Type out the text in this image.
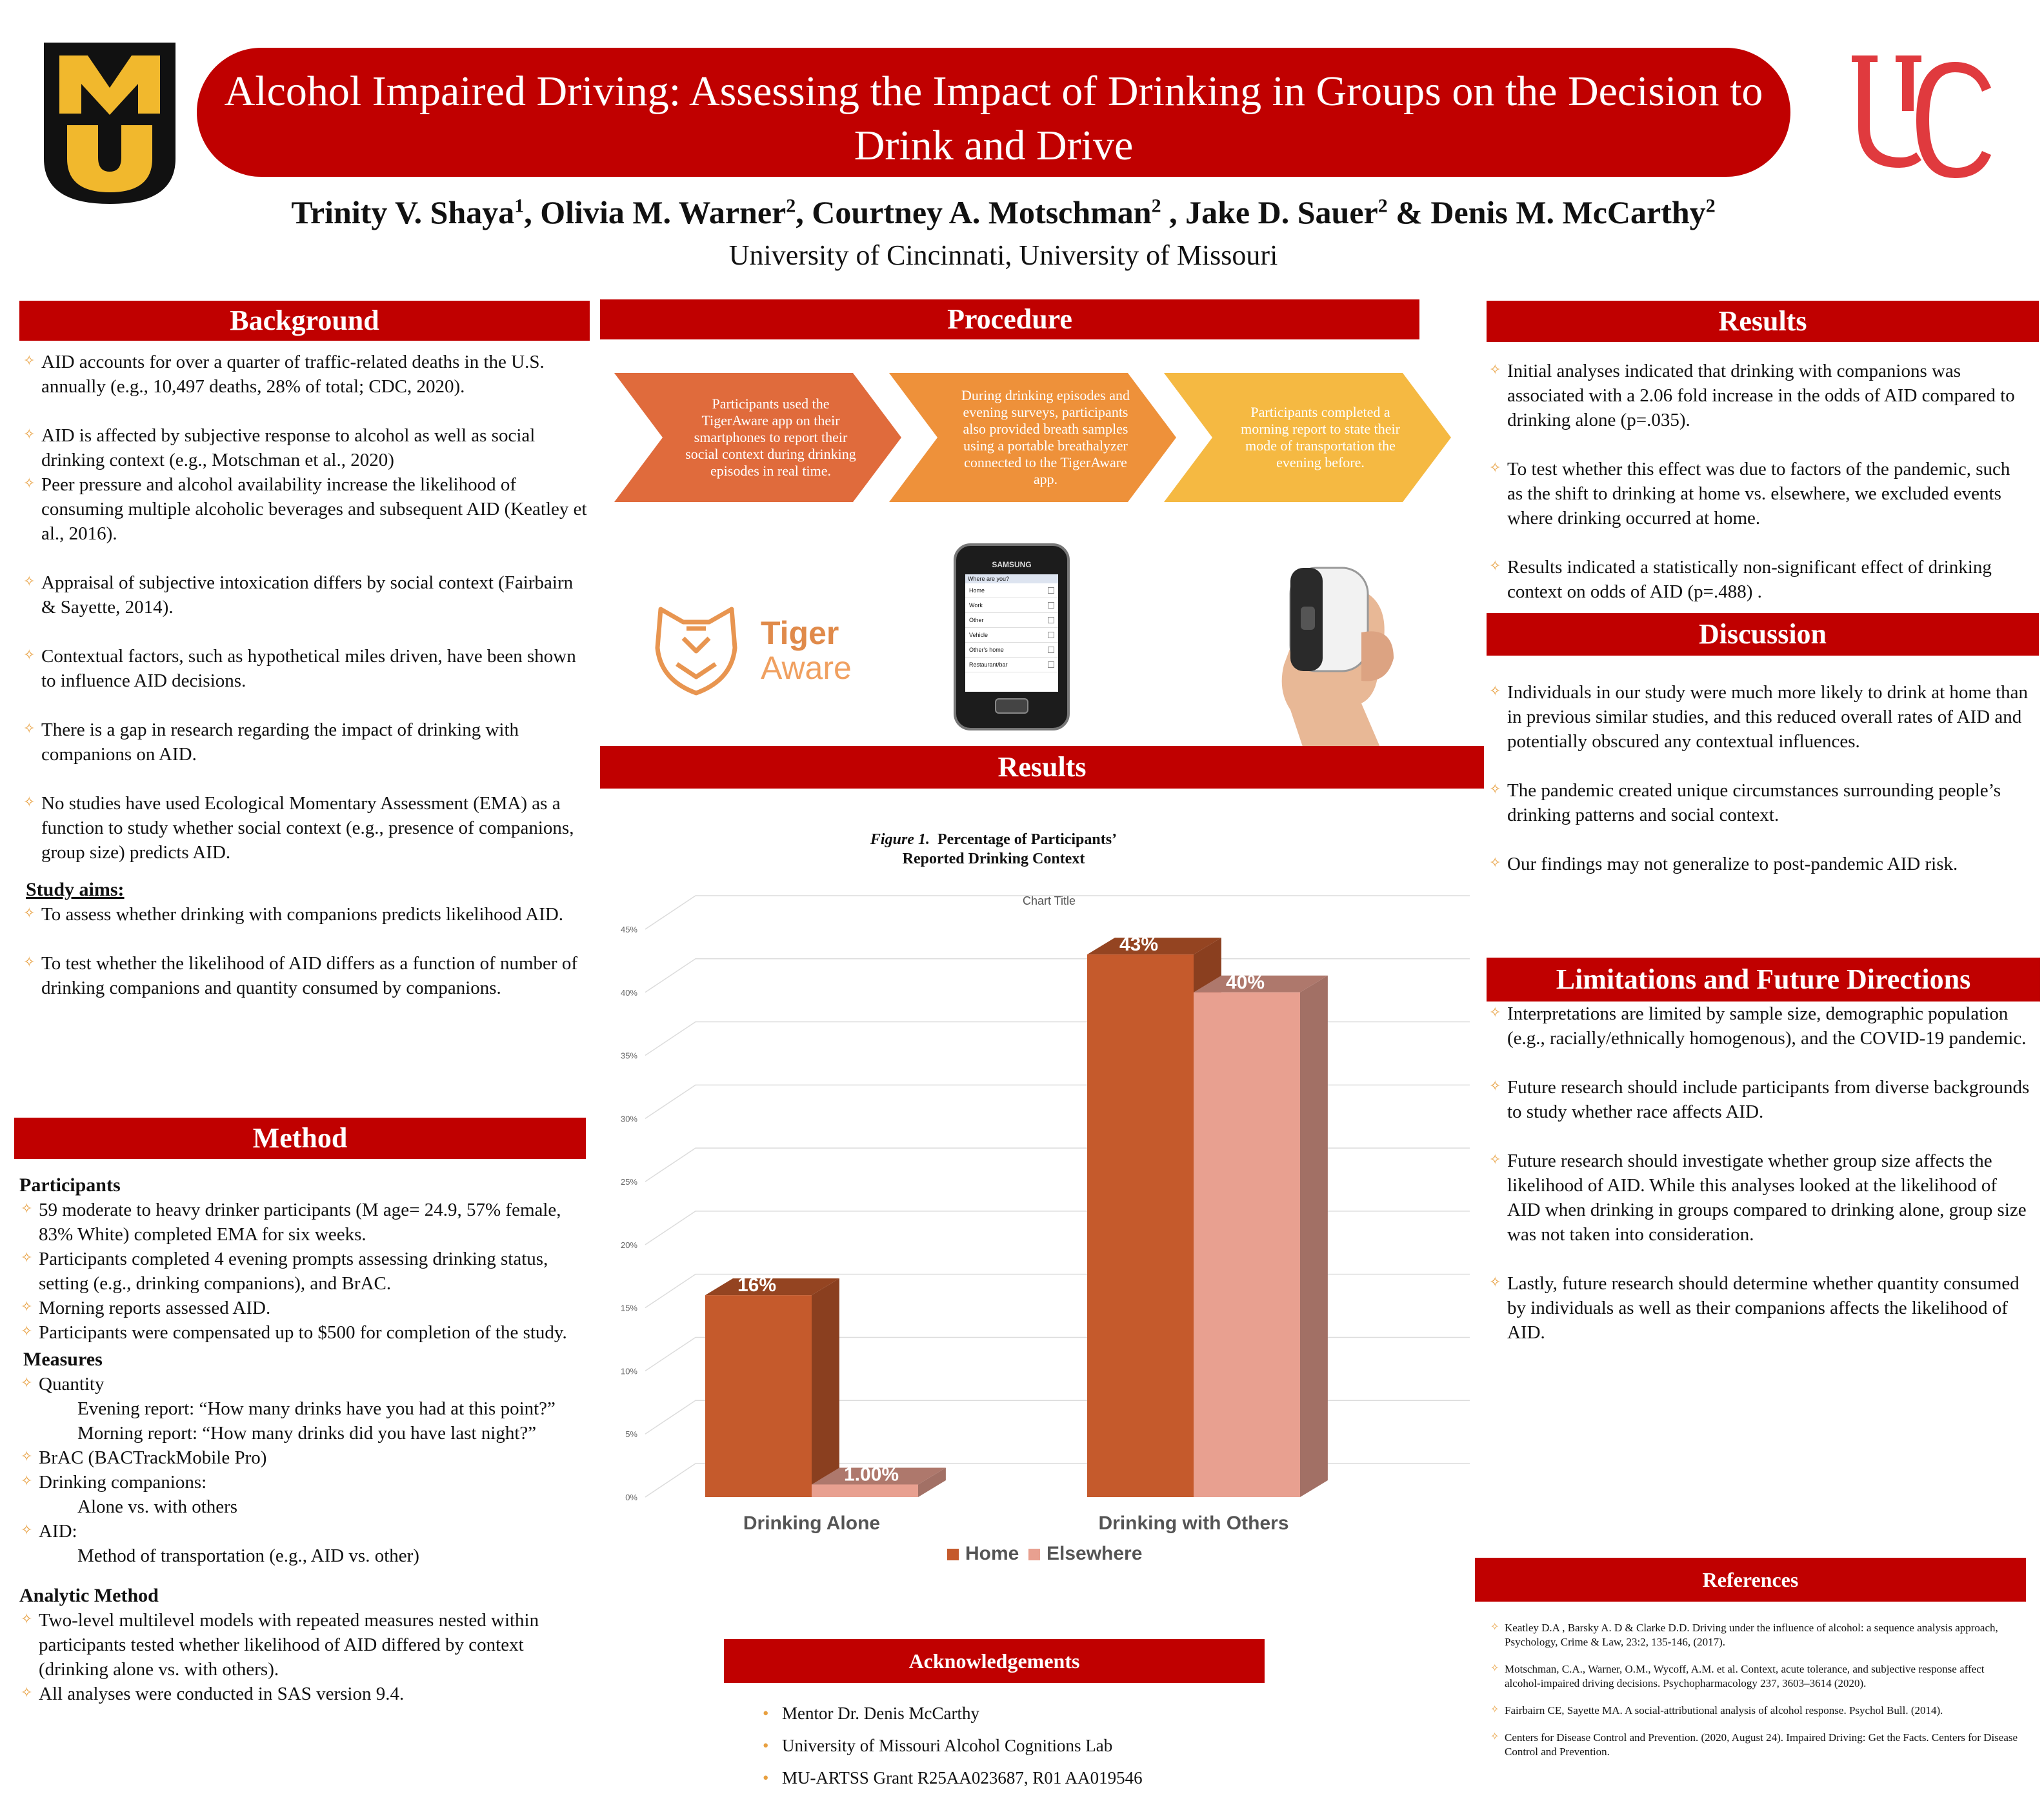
Alcohol Impaired Driving: Assessing the Impact of Drinking in Groups on the Decision to Drink and Drive
Trinity V. Shaya$^1$, Olivia M. Warner$^2$, Courtney A. Motschman$^2$ , Jake D. Sauer$^2$ & Denis M. McCarthy$^2$
University of Cincinnati, University of Missouri
Background
✧ AID accounts for over a quarter of traffic-related deaths in the U.S. annually (e.g., 10,497 deaths, 28% of total; CDC, 2020).
✧ AID is affected by subjective response to alcohol as well as social drinking context (e.g., Motschman et al., 2020)
✧ Peer pressure and alcohol availability increase the likelihood of consuming multiple alcoholic beverages and subsequent AID (Keatley et al., 2016).
✧ Appraisal of subjective intoxication differs by social context (Fairbairn & Sayette, 2014).
✧ Contextual factors, such as hypothetical miles driven, have been shown to influence AID decisions.
✧ There is a gap in research regarding the impact of drinking with companions on AID.
✧ No studies have used Ecological Momentary Assessment (EMA) as a function to study whether social context (e.g., presence of companions, group size) predicts AID.
Study aims:
✧ To assess whether drinking with companions predicts likelihood AID.
✧ To test whether the likelihood of AID differs as a function of number of drinking companions and quantity consumed by companions.
Method
Participants
✧ 59 moderate to heavy drinker participants (M age= 24.9, 57% female, 83% White) completed EMA for six weeks.
✧ Participants completed 4 evening prompts assessing drinking status, setting (e.g., drinking companions), and BrAC.
✧ Morning reports assessed AID.
✧ Participants were compensated up to $500 for completion of the study.
Measures
✧ Quantity
Evening report: “How many drinks have you had at this point?”
Morning report: “How many drinks did you have last night?”
✧ BrAC (BACTrackMobile Pro)
✧ Drinking companions:
Alone vs. with others
✧ AID:
Method of transportation (e.g., AID vs. other)
Analytic Method
✧ Two-level multilevel models with repeated measures nested within participants tested whether likelihood of AID differed by context (drinking alone vs. with others).
✧ All analyses were conducted in SAS version 9.4.
Procedure
Participants used the TigerAware app on their smartphones to report their social context during drinking episodes in real time.
During drinking episodes and evening surveys, participants also provided breath samples using a portable breathalyzer connected to the TigerAware app.
Participants completed a morning report to state their mode of transportation the evening before.
Tiger
Aware
SAMSUNG
Where are you?
Home
Work
Other
Vehicle
Other's home
Restaurant/bar
Results
Figure 1. Percentage of Participants’
Reported Drinking Context
Chart Title
0%
5%
10%
15%
20%
25%
30%
35%
40%
45%
16%
1.00%
43%
40%
Drinking Alone	Drinking with Others
Home Elsewhere
Acknowledgements
• Mentor Dr. Denis McCarthy
• University of Missouri Alcohol Cognitions Lab
• MU-ARTSS Grant R25AA023687, R01 AA019546
Results
✧ Initial analyses indicated that drinking with companions was associated with a 2.06 fold increase in the odds of AID compared to drinking alone (p=.035).
✧ To test whether this effect was due to factors of the pandemic, such as the shift to drinking at home vs. elsewhere, we excluded events where drinking occurred at home.
✧ Results indicated a statistically non-significant effect of drinking context on odds of AID (p=.488) .
Discussion
✧ Individuals in our study were much more likely to drink at home than in previous similar studies, and this reduced overall rates of AID and potentially obscured any contextual influences.
✧ The pandemic created unique circumstances surrounding people’s drinking patterns and social context.
✧ Our findings may not generalize to post-pandemic AID risk.
Limitations and Future Directions
✧ Interpretations are limited by sample size, demographic population (e.g., racially/ethnically homogenous), and the COVID-19 pandemic.
✧ Future research should include participants from diverse backgrounds to study whether race affects AID.
✧ Future research should investigate whether group size affects the likelihood of AID. While this analyses looked at the likelihood of AID when drinking in groups compared to drinking alone, group size was not taken into consideration.
✧ Lastly, future research should determine whether quantity consumed by individuals as well as their companions affects the likelihood of AID.
References
✧ Keatley D.A , Barsky A. D & Clarke D.D. Driving under the influence of alcohol: a sequence analysis approach, Psychology, Crime & Law, 23:2, 135-146, (2017).
✧ Motschman, C.A., Warner, O.M., Wycoff, A.M. et al. Context, acute tolerance, and subjective response affect alcohol-impaired driving decisions. Psychopharmacology 237, 3603–3614 (2020).
✧ Fairbairn CE, Sayette MA. A social-attributional analysis of alcohol response. Psychol Bull. (2014).
✧ Centers for Disease Control and Prevention. (2020, August 24). Impaired Driving: Get the Facts. Centers for Disease Control and Prevention.
